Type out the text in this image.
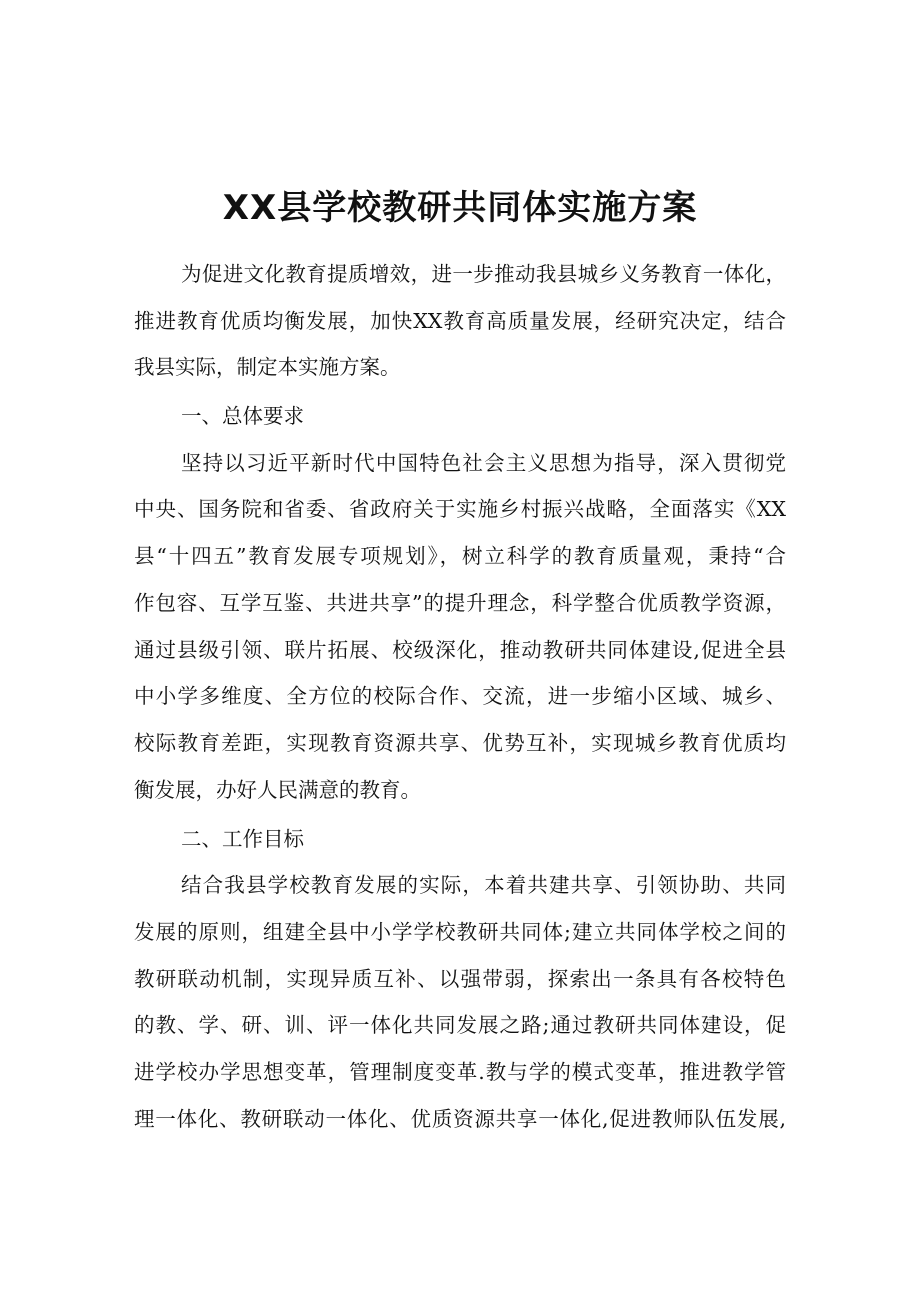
XX县学校教研共同体实施方案
为促进文化教育提质增效，进一步推动我县城乡义务教育一体化，
推进教育优质均衡发展，加快XX教育高质量发展，经研究决定，结合
我县实际，制定本实施方案。
一、总体要求
坚持以习近平新时代中国特色社会主义思想为指导，深入贯彻党
中央、国务院和省委、省政府关于实施乡村振兴战略，全面落实《XX
县“十四五”教育发展专项规划》，树立科学的教育质量观，秉持“合
作包容、互学互鉴、共进共享”的提升理念，科学整合优质教学资源，
通过县级引领、联片拓展、校级深化，推动教研共同体建设,促进全县
中小学多维度、全方位的校际合作、交流，进一步缩小区域、城乡、
校际教育差距，实现教育资源共享、优势互补，实现城乡教育优质均
衡发展，办好人民满意的教育。
二、工作目标
结合我县学校教育发展的实际，本着共建共享、引领协助、共同
发展的原则，组建全县中小学学校教研共同体;建立共同体学校之间的
教研联动机制，实现异质互补、以强带弱，探索出一条具有各校特色
的教、学、研、训、评一体化共同发展之路;通过教研共同体建设，促
进学校办学思想变革，管理制度变革.教与学的模式变革，推进教学管
理一体化、教研联动一体化、优质资源共享一体化,促进教师队伍发展,
